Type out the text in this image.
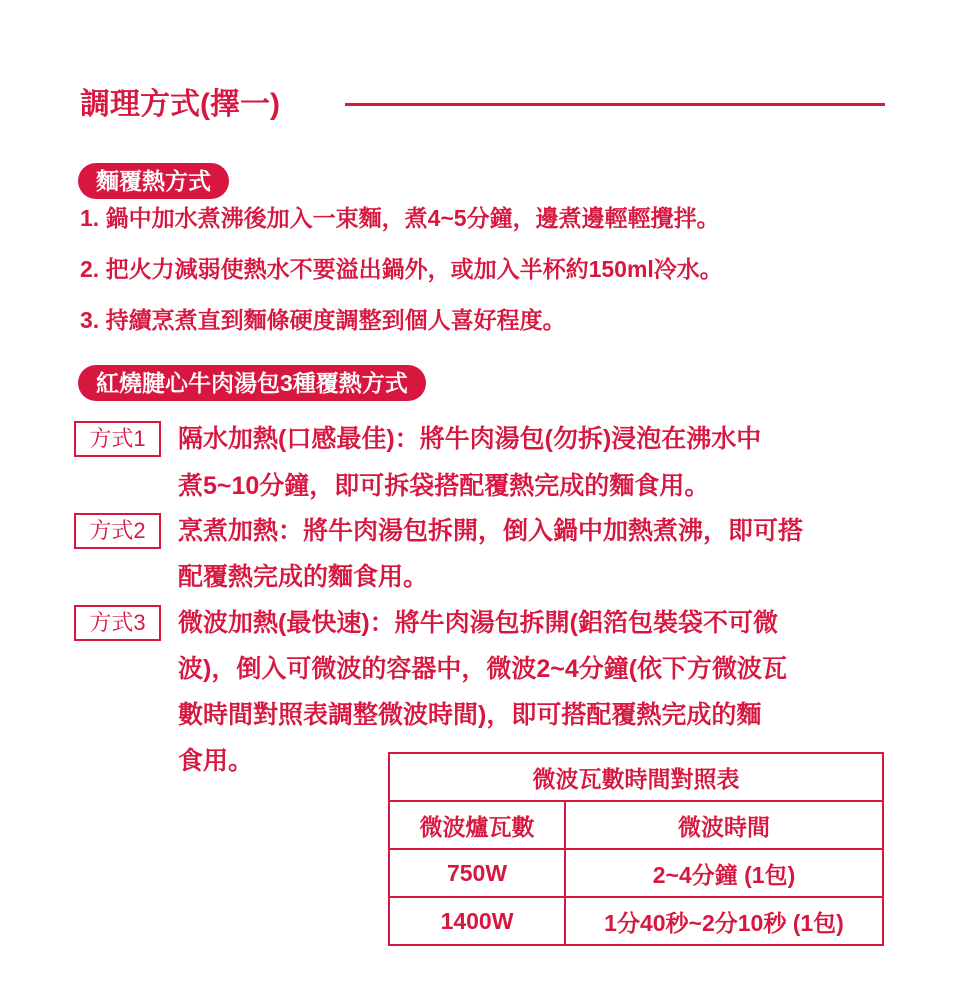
調理方式(擇一)
麵覆熱方式
1. 鍋中加水煮沸後加入一束麵，煮4~5分鐘，邊煮邊輕輕攪拌。
2. 把火力減弱使熱水不要溢出鍋外，或加入半杯約150ml冷水。
3. 持續烹煮直到麵條硬度調整到個人喜好程度。
紅燒腱心牛肉湯包3種覆熱方式
方式1	隔水加熱(口感最佳)：將牛肉湯包(勿拆)浸泡在沸水中
煮5~10分鐘，即可拆袋搭配覆熱完成的麵食用。
方式2	烹煮加熱：將牛肉湯包拆開，倒入鍋中加熱煮沸，即可搭
配覆熱完成的麵食用。
方式3	微波加熱(最快速)：將牛肉湯包拆開(鋁箔包裝袋不可微
波)，倒入可微波的容器中，微波2~4分鐘(依下方微波瓦
數時間對照表調整微波時間)，即可搭配覆熱完成的麵
食用。
微波瓦數時間對照表	
微波爐瓦數	微波時間
750W	2~4分鐘 (1包)
1400W	1分40秒~2分10秒 (1包)
